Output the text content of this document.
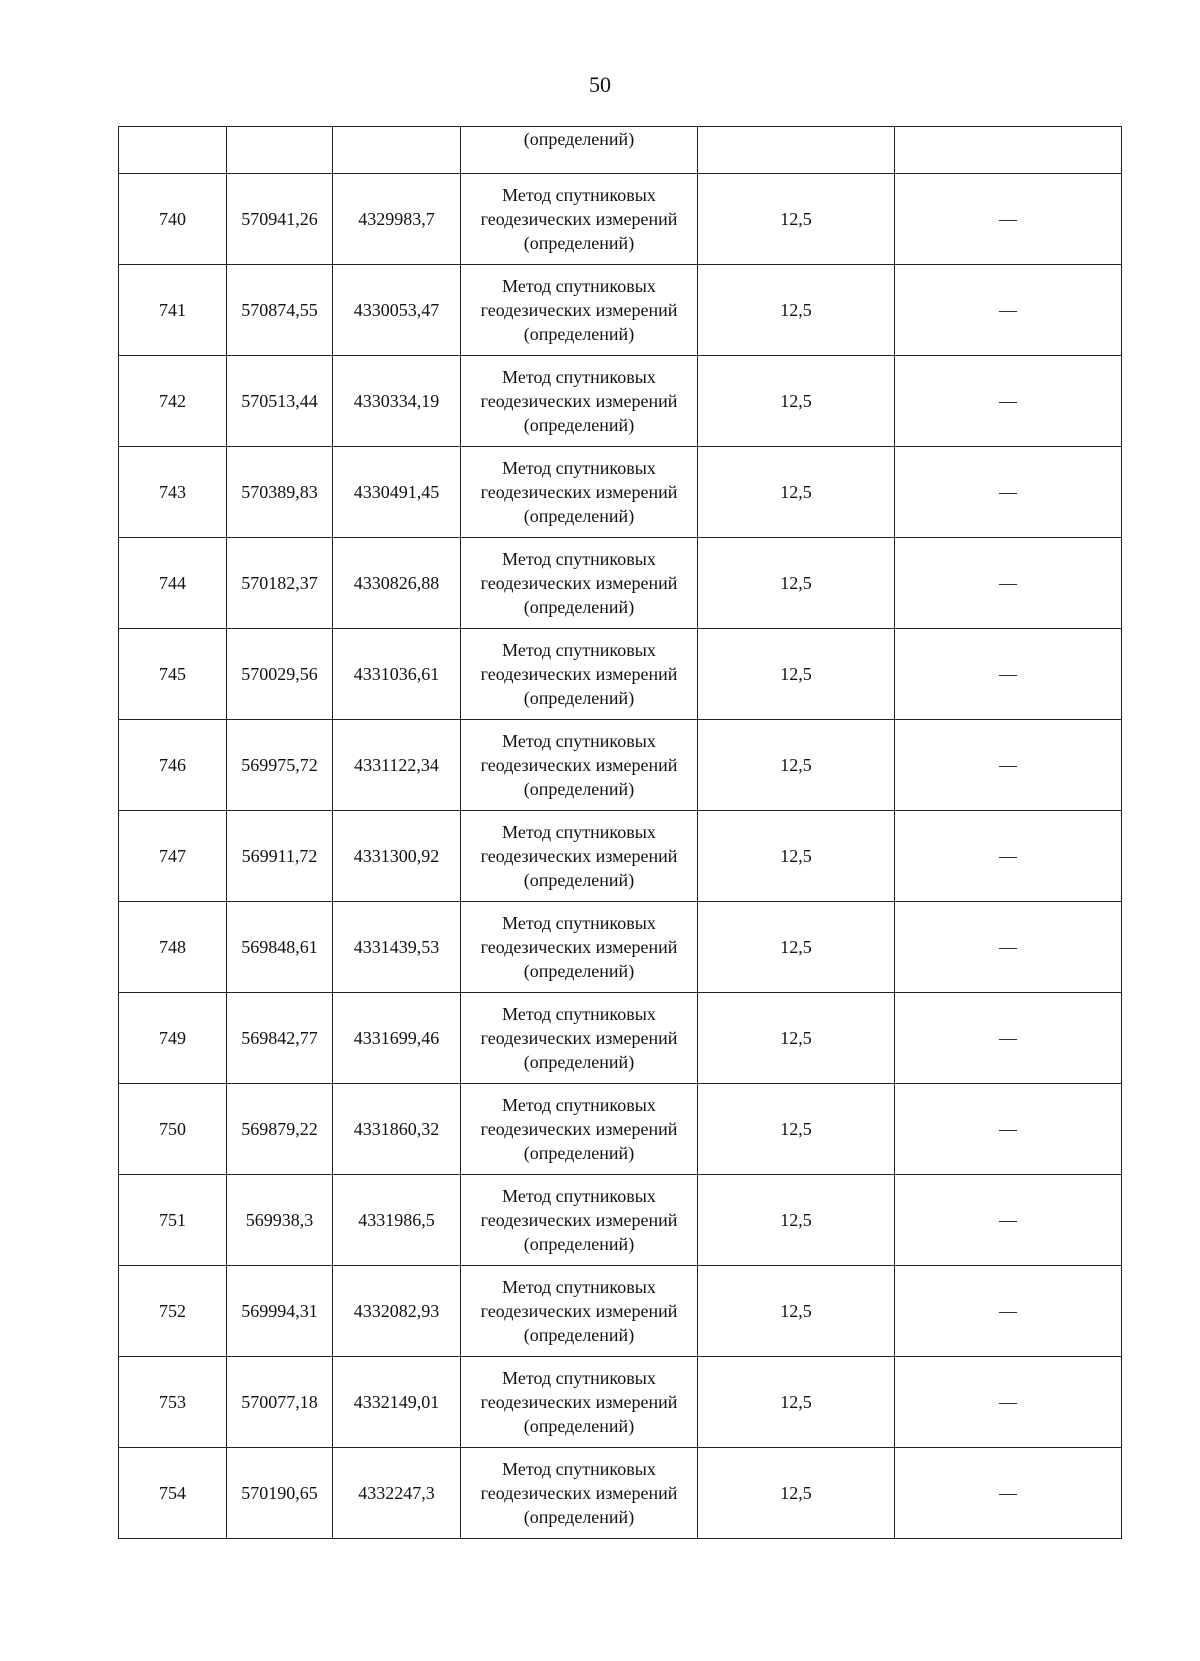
50
			(определений)		
740	570941,26	4329983,7	Метод спутниковых
геодезических измерений
(определений)	12,5	—
741	570874,55	4330053,47	Метод спутниковых
геодезических измерений
(определений)	12,5	—
742	570513,44	4330334,19	Метод спутниковых
геодезических измерений
(определений)	12,5	—
743	570389,83	4330491,45	Метод спутниковых
геодезических измерений
(определений)	12,5	—
744	570182,37	4330826,88	Метод спутниковых
геодезических измерений
(определений)	12,5	—
745	570029,56	4331036,61	Метод спутниковых
геодезических измерений
(определений)	12,5	—
746	569975,72	4331122,34	Метод спутниковых
геодезических измерений
(определений)	12,5	—
747	569911,72	4331300,92	Метод спутниковых
геодезических измерений
(определений)	12,5	—
748	569848,61	4331439,53	Метод спутниковых
геодезических измерений
(определений)	12,5	—
749	569842,77	4331699,46	Метод спутниковых
геодезических измерений
(определений)	12,5	—
750	569879,22	4331860,32	Метод спутниковых
геодезических измерений
(определений)	12,5	—
751	569938,3	4331986,5	Метод спутниковых
геодезических измерений
(определений)	12,5	—
752	569994,31	4332082,93	Метод спутниковых
геодезических измерений
(определений)	12,5	—
753	570077,18	4332149,01	Метод спутниковых
геодезических измерений
(определений)	12,5	—
754	570190,65	4332247,3	Метод спутниковых
геодезических измерений
(определений)	12,5	—
